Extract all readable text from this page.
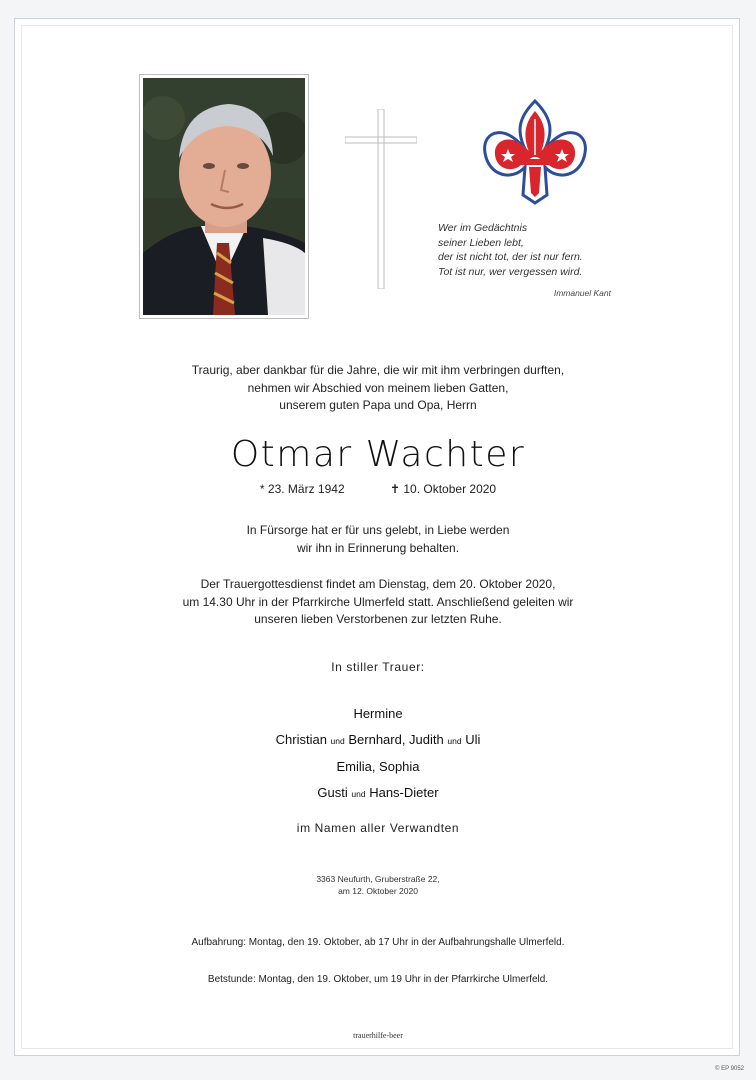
Wer im Gedächtnis
seiner Lieben lebt,
der ist nicht tot, der ist nur fern.
Tot ist nur, wer vergessen wird.
Immanuel Kant
Traurig, aber dankbar für die Jahre, die wir mit ihm verbringen durften,
nehmen wir Abschied von meinem lieben Gatten,
unserem guten Papa und Opa, Herrn
Otmar Wachter
* 23. März 1942	✝ 10. Oktober 2020
In Fürsorge hat er für uns gelebt, in Liebe werden
wir ihn in Erinnerung behalten.
Der Trauergottesdienst findet am Dienstag, dem 20. Oktober 2020,
um 14.30 Uhr in der Pfarrkirche Ulmerfeld statt. Anschließend geleiten wir
unseren lieben Verstorbenen zur letzten Ruhe.
In stiller Trauer:
Hermine
Christian und Bernhard, Judith und Uli
Emilia, Sophia
Gusti und Hans-Dieter
im Namen aller Verwandten
3363 Neufurth, Gruberstraße 22,
am 12. Oktober 2020
Aufbahrung: Montag, den 19. Oktober, ab 17 Uhr in der Aufbahrungshalle Ulmerfeld.
Betstunde: Montag, den 19. Oktober, um 19 Uhr in der Pfarrkirche Ulmerfeld.
trauerhilfe-beer
© EP 9052
